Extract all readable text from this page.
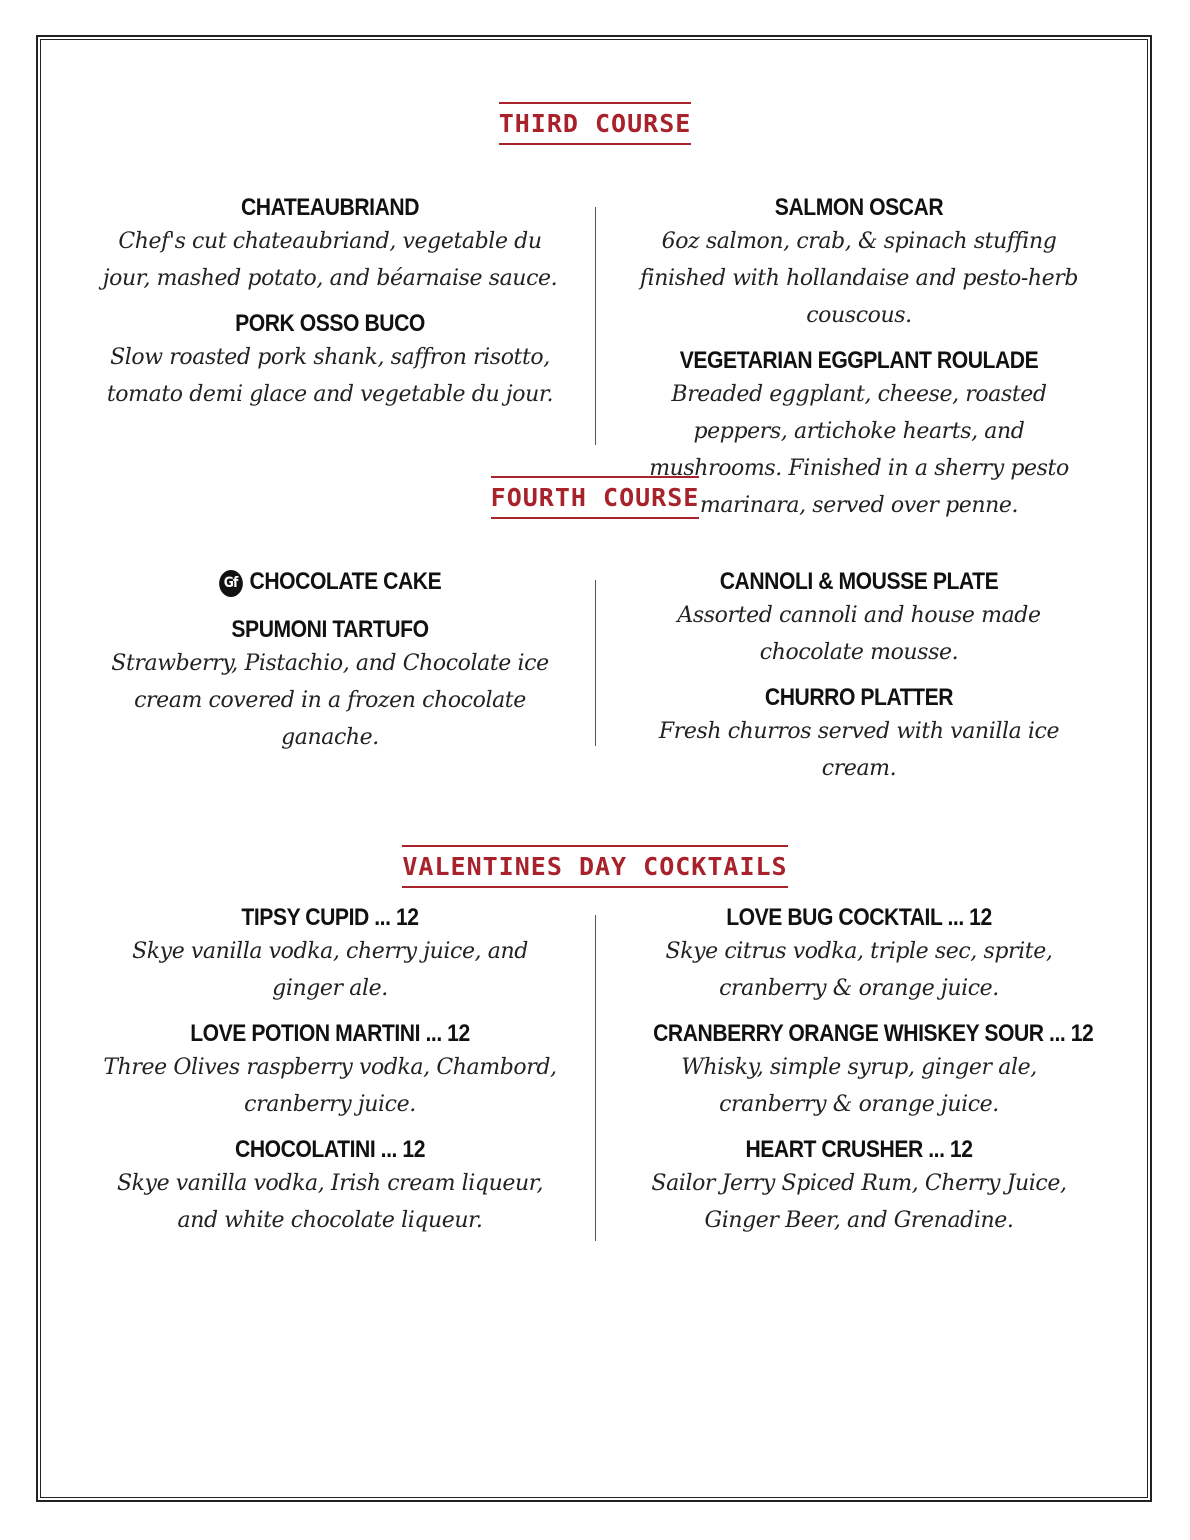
THIRD COURSE
CHATEAUBRIAND
Chef's cut chateaubriand, vegetable du jour, mashed potato, and béarnaise sauce.
PORK OSSO BUCO
Slow roasted pork shank, saffron risotto, tomato demi glace and vegetable du jour.
SALMON OSCAR
6oz salmon, crab, & spinach stuffing finished with hollandaise and pesto-herb couscous.
VEGETARIAN EGGPLANT ROULADE
Breaded eggplant, cheese, roasted peppers, artichoke hearts, and mushrooms. Finished in a sherry pesto marinara, served over penne.
FOURTH COURSE
Gf CHOCOLATE CAKE
SPUMONI TARTUFO
Strawberry, Pistachio, and Chocolate ice cream covered in a frozen chocolate ganache.
CANNOLI & MOUSSE PLATE
Assorted cannoli and house made chocolate mousse.
CHURRO PLATTER
Fresh churros served with vanilla ice cream.
VALENTINES DAY COCKTAILS
TIPSY CUPID ... 12
Skye vanilla vodka, cherry juice, and ginger ale.
LOVE POTION MARTINI ... 12
Three Olives raspberry vodka, Chambord, cranberry juice.
CHOCOLATINI ... 12
Skye vanilla vodka, Irish cream liqueur, and white chocolate liqueur.
LOVE BUG COCKTAIL ... 12
Skye citrus vodka, triple sec, sprite, cranberry & orange juice.
CRANBERRY ORANGE WHISKEY SOUR ... 12
Whisky, simple syrup, ginger ale, cranberry & orange juice.
HEART CRUSHER ... 12
Sailor Jerry Spiced Rum, Cherry Juice, Ginger Beer, and Grenadine.
